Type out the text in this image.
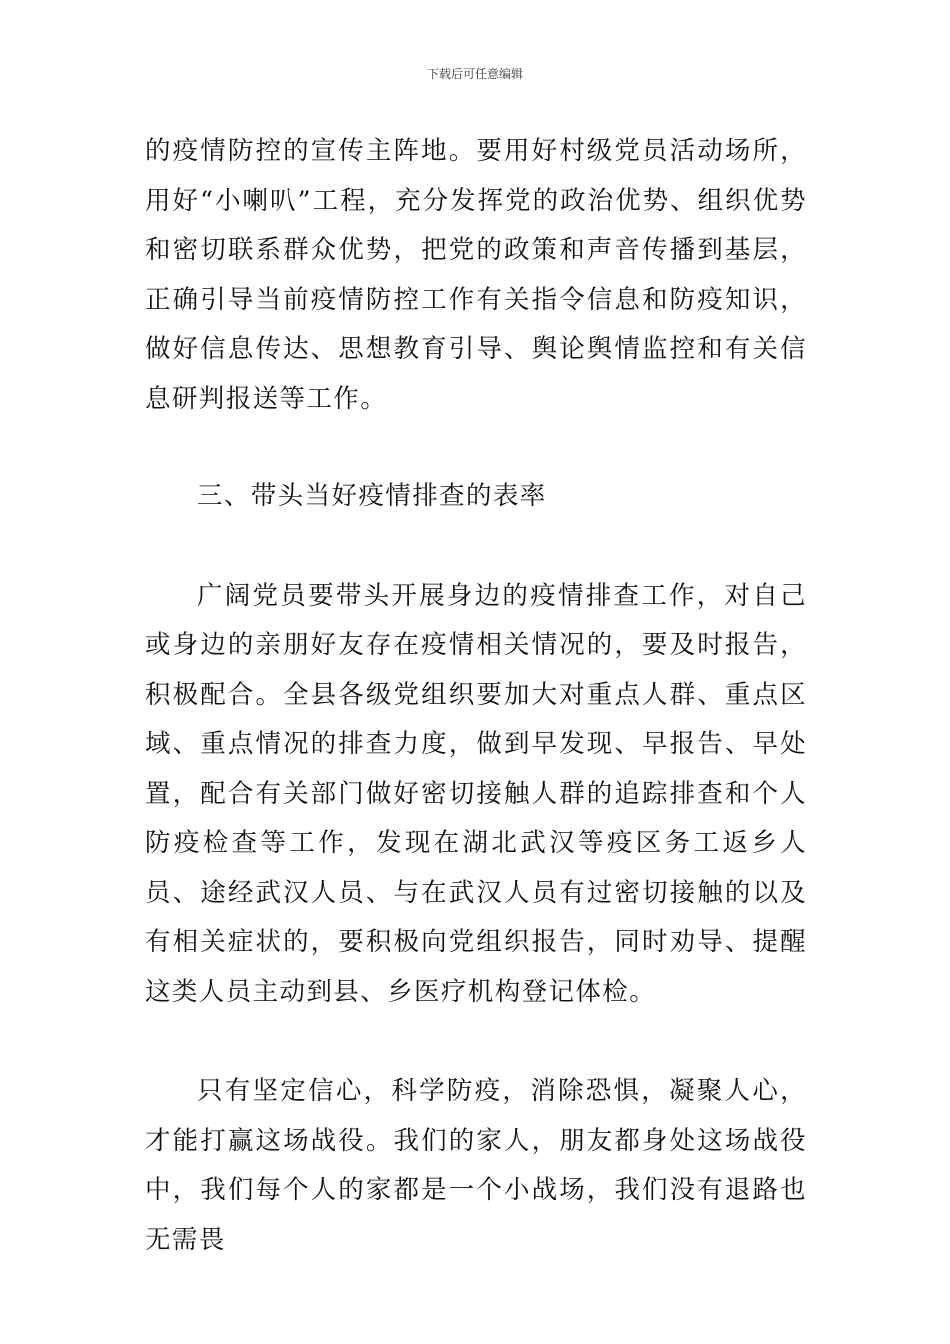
下载后可任意编辑

的疫情防控的宣传主阵地。要用好村级党员活动场所，用好“小喇叭”工程，充分发挥党的政治优势、组织优势和密切联系群众优势，把党的政策和声音传播到基层，正确引导当前疫情防控工作有关指令信息和防疫知识，做好信息传达、思想教育引导、舆论舆情监控和有关信息研判报送等工作。

三、带头当好疫情排查的表率

广阔党员要带头开展身边的疫情排查工作，对自己或身边的亲朋好友存在疫情相关情况的，要及时报告，积极配合。全县各级党组织要加大对重点人群、重点区域、重点情况的排查力度，做到早发现、早报告、早处置，配合有关部门做好密切接触人群的追踪排查和个人防疫检查等工作，发现在湖北武汉等疫区务工返乡人员、途经武汉人员、与在武汉人员有过密切接触的以及有相关症状的，要积极向党组织报告，同时劝导、提醒这类人员主动到县、乡医疗机构登记体检。

只有坚定信心，科学防疫，消除恐惧，凝聚人心，才能打赢这场战役。我们的家人，朋友都身处这场战役中，我们每个人的家都是一个小战场，我们没有退路也无需畏
